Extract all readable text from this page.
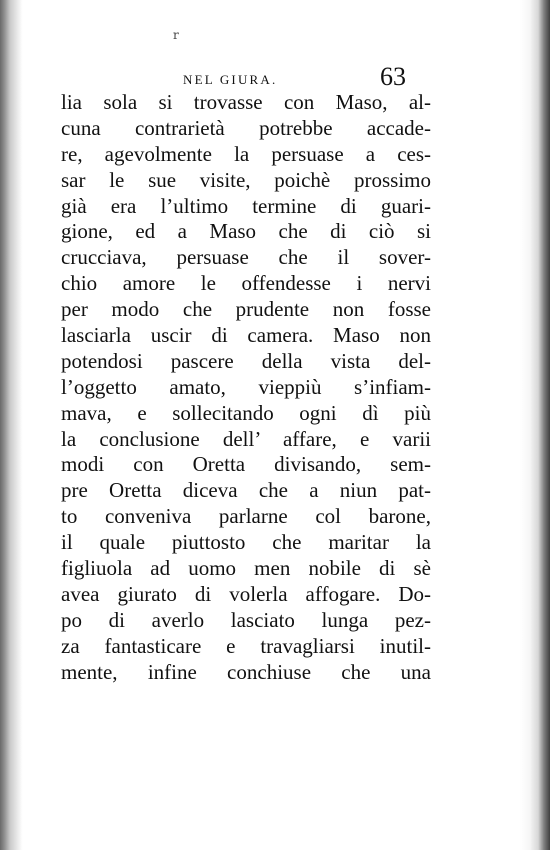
r
NEL GIURA.	63
lia sola si trovasse con Maso, al-
cuna contrarietà potrebbe accade-
re, agevolmente la persuase a ces-
sar le sue visite, poichè prossimo
già era l’ultimo termine di guari-
gione, ed a Maso che di ciò si
crucciava, persuase che il sover-
chio amore le offendesse i nervi
per modo che prudente non fosse
lasciarla uscir di camera. Maso non
potendosi pascere della vista del-
l’oggetto amato, vieppiù s’infiam-
mava, e sollecitando ogni dì più
la conclusione dell’ affare, e varii
modi con Oretta divisando, sem-
pre Oretta diceva che a niun pat-
to conveniva parlarne col barone,
il quale piuttosto che maritar la
figliuola ad uomo men nobile di sè
avea giurato di volerla affogare. Do-
po di averlo lasciato lunga pez-
za fantasticare e travagliarsi inutil-
mente, infine conchiuse che una
